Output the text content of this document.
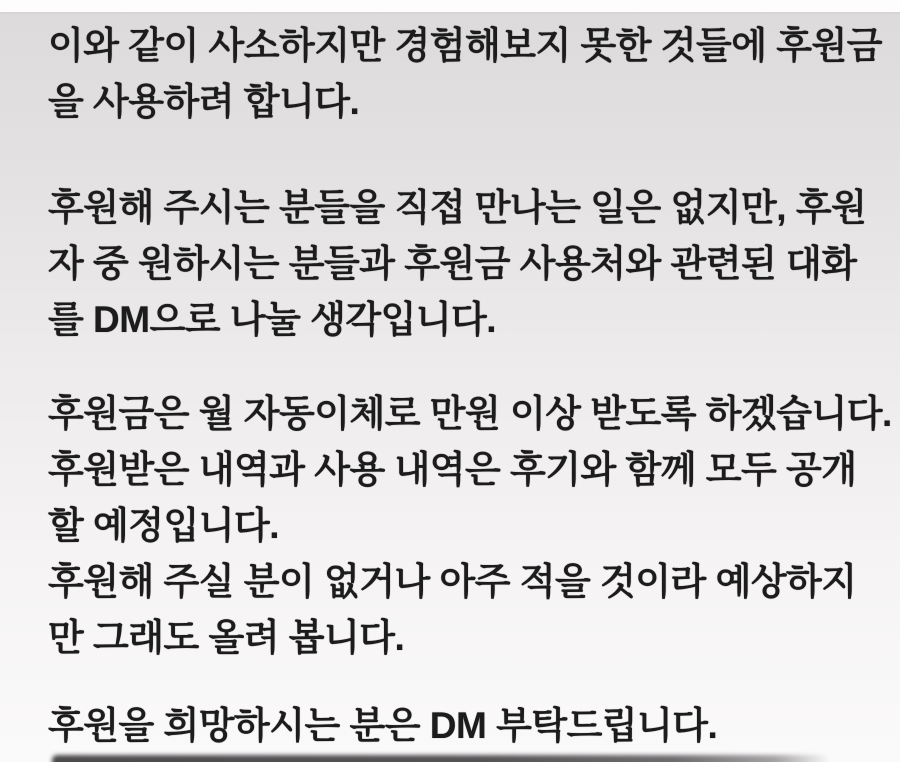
이와 같이 사소하지만 경험해보지 못한 것들에 후원금
을 사용하려 합니다.
후원해 주시는 분들을 직접 만나는 일은 없지만, 후원
자 중 원하시는 분들과 후원금 사용처와 관련된 대화
를 DM으로 나눌 생각입니다.
후원금은 월 자동이체로 만원 이상 받도록 하겠습니다.
후원받은 내역과 사용 내역은 후기와 함께 모두 공개
할 예정입니다.
후원해 주실 분이 없거나 아주 적을 것이라 예상하지
만 그래도 올려 봅니다.
후원을 희망하시는 분은 DM 부탁드립니다.
